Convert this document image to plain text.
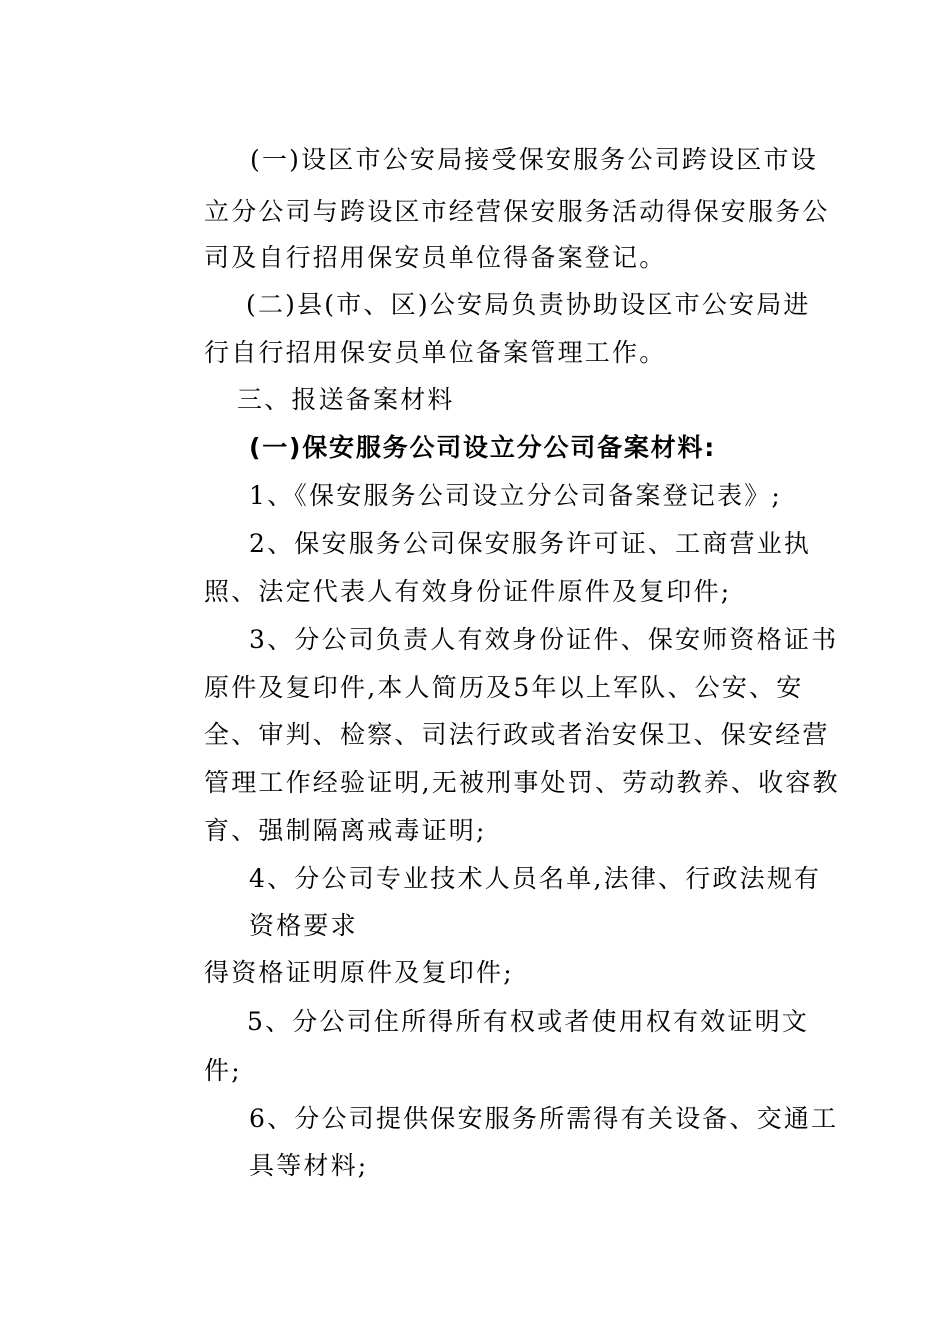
(一)设区市公安局接受保安服务公司跨设区市设
立分公司与跨设区市经营保安服务活动得保安服务公
司及自行招用保安员单位得备案登记。
(二)县(市、区)公安局负责协助设区市公安局进
行自行招用保安员单位备案管理工作。
三、报送备案材料
(一)保安服务公司设立分公司备案材料:
1、《保安服务公司设立分公司备案登记表》;
2、保安服务公司保安服务许可证、工商营业执
照、法定代表人有效身份证件原件及复印件;
3、分公司负责人有效身份证件、保安师资格证书
原件及复印件,本人简历及5年以上军队、公安、安
全、审判、检察、司法行政或者治安保卫、保安经营
管理工作经验证明,无被刑事处罚、劳动教养、收容教
育、强制隔离戒毒证明;
4、分公司专业技术人员名单,法律、行政法规有
资格要求
得资格证明原件及复印件;
5、分公司住所得所有权或者使用权有效证明文
件;
6、分公司提供保安服务所需得有关设备、交通工
具等材料;
